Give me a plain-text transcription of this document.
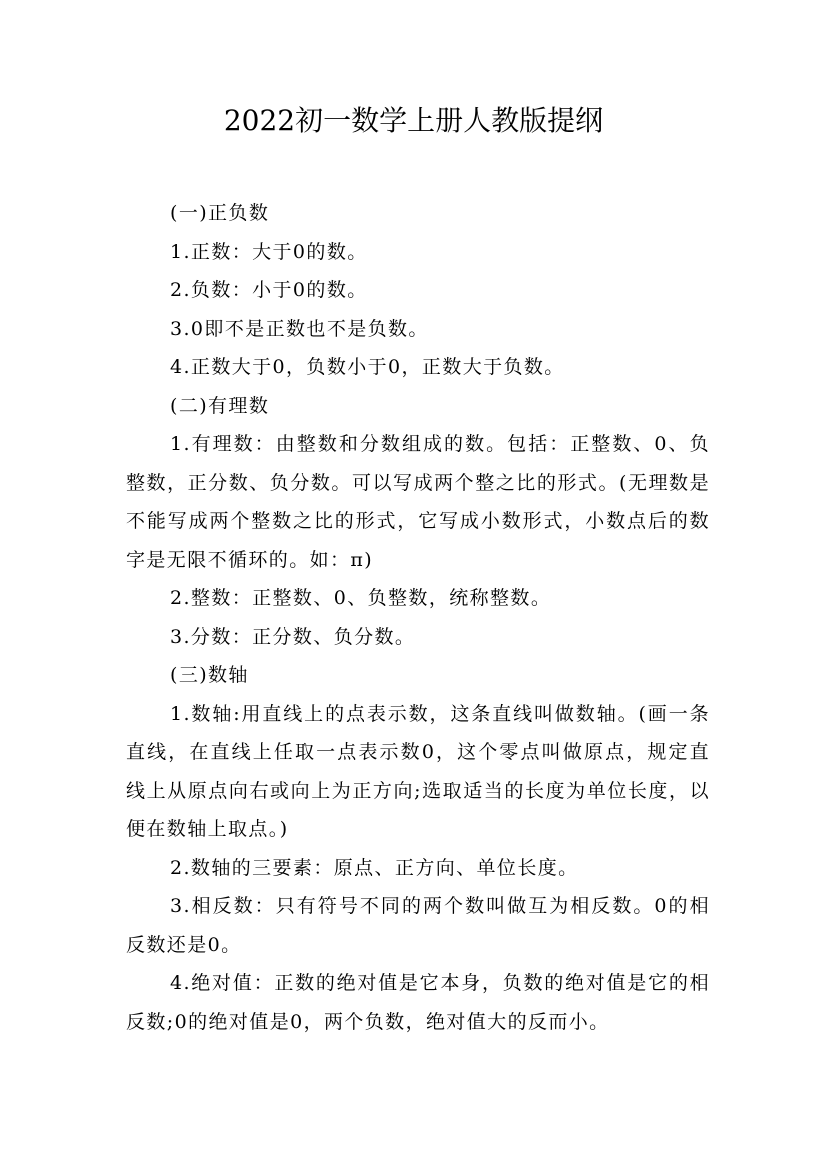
2022初一数学上册人教版提纲

(一)正负数

1.正数：大于0的数。

2.负数：小于0的数。

3.0即不是正数也不是负数。

4.正数大于0，负数小于0，正数大于负数。

(二)有理数

1.有理数：由整数和分数组成的数。包括：正整数、0、负整数，正分数、负分数。可以写成两个整之比的形式。(无理数是不能写成两个整数之比的形式，它写成小数形式，小数点后的数字是无限不循环的。如：π)

2.整数：正整数、0、负整数，统称整数。

3.分数：正分数、负分数。

(三)数轴

1.数轴:用直线上的点表示数，这条直线叫做数轴。(画一条直线，在直线上任取一点表示数0，这个零点叫做原点，规定直线上从原点向右或向上为正方向;选取适当的长度为单位长度，以便在数轴上取点。)

2.数轴的三要素：原点、正方向、单位长度。

3.相反数：只有符号不同的两个数叫做互为相反数。0的相反数还是0。

4.绝对值：正数的绝对值是它本身，负数的绝对值是它的相反数;0的绝对值是0，两个负数，绝对值大的反而小。
